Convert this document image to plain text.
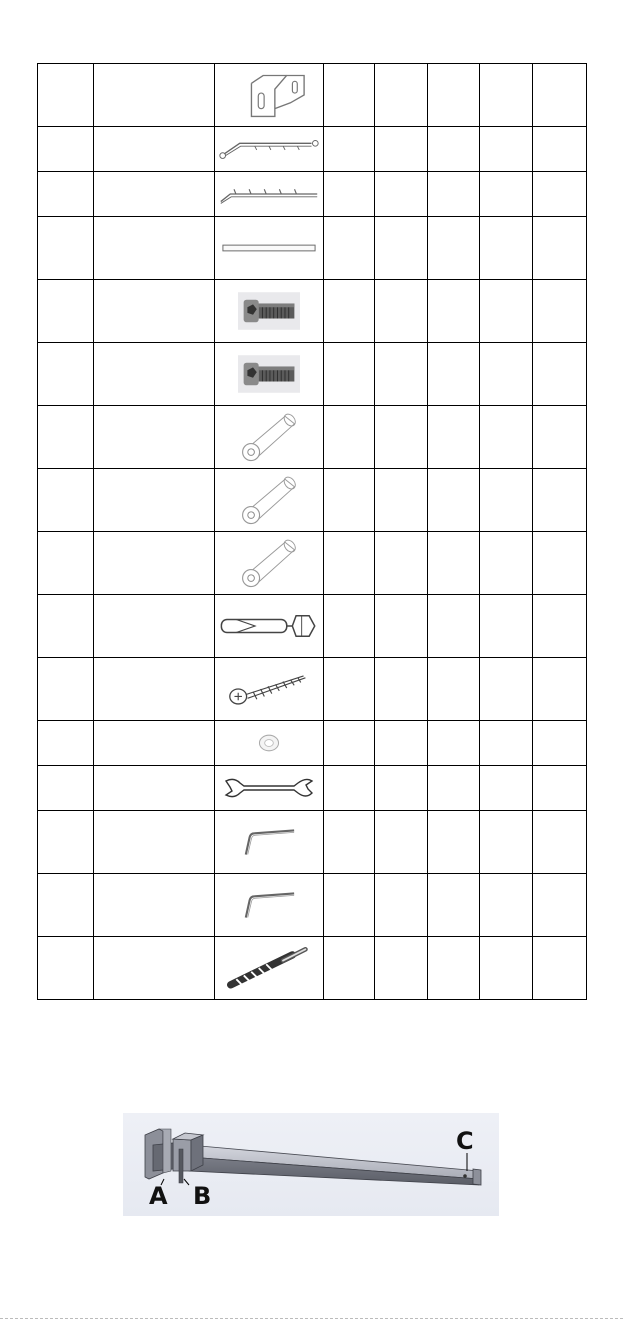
A B
C
